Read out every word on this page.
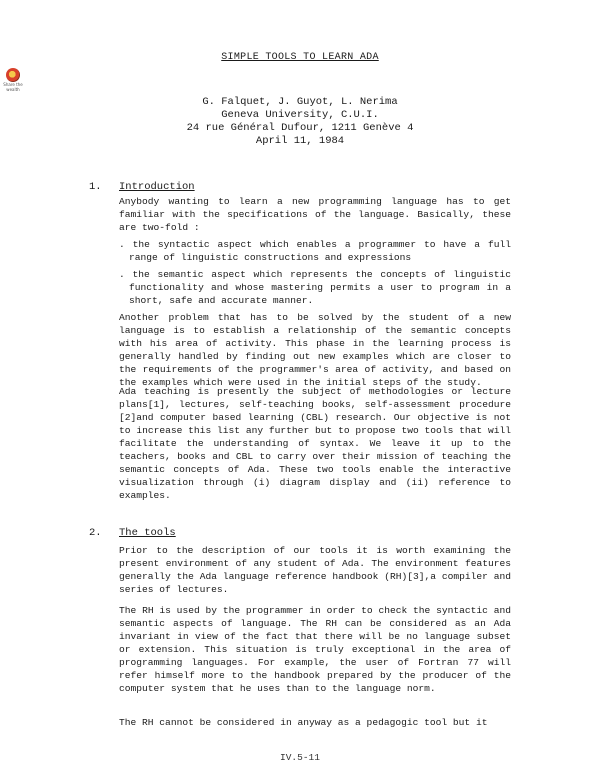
Share the wealth
SIMPLE TOOLS TO LEARN ADA
G. Falquet, J. Guyot, L. Nerima
Geneva University, C.U.I.
24 rue Général Dufour, 1211 Genève 4
April 11, 1984
1. Introduction

Anybody wanting to learn a new programming language has to get familiar with the specifications of the language. Basically, these are two-fold :

. the syntactic aspect which enables a programmer to have a full range of linguistic constructions and expressions

. the semantic aspect which represents the concepts of linguistic functionality and whose mastering permits a user to program in a short, safe and accurate manner.

Another problem that has to be solved by the student of a new language is to establish a relationship of the semantic concepts with his area of activity. This phase in the learning process is generally handled by finding out new examples which are closer to the requirements of the programmer's area of activity, and based on the examples which were used in the initial steps of the study.

Ada teaching is presently the subject of methodologies or lecture plans[1], lectures, self-teaching books, self-assessment procedure [2]and computer based learning (CBL) research. Our objective is not to increase this list any further but to propose two tools that will facilitate the understanding of syntax. We leave it up to the teachers, books and CBL to carry over their mission of teaching the semantic concepts of Ada. These two tools enable the interactive visualization through (i) diagram display and (ii) reference to examples.

2. The tools

Prior to the description of our tools it is worth examining the present environment of any student of Ada. The environment features generally the Ada language reference handbook (RH)[3],a compiler and series of lectures.

The RH is used by the programmer in order to check the syntactic and semantic aspects of language. The RH can be considered as an Ada invariant in view of the fact that there will be no language subset or extension. This situation is truly exceptional in the area of programming languages. For example, the user of Fortran 77 will refer himself more to the handbook prepared by the producer of the computer system that he uses than to the language norm.

The RH cannot be considered in anyway as a pedagogic tool but it

IV.5-11
